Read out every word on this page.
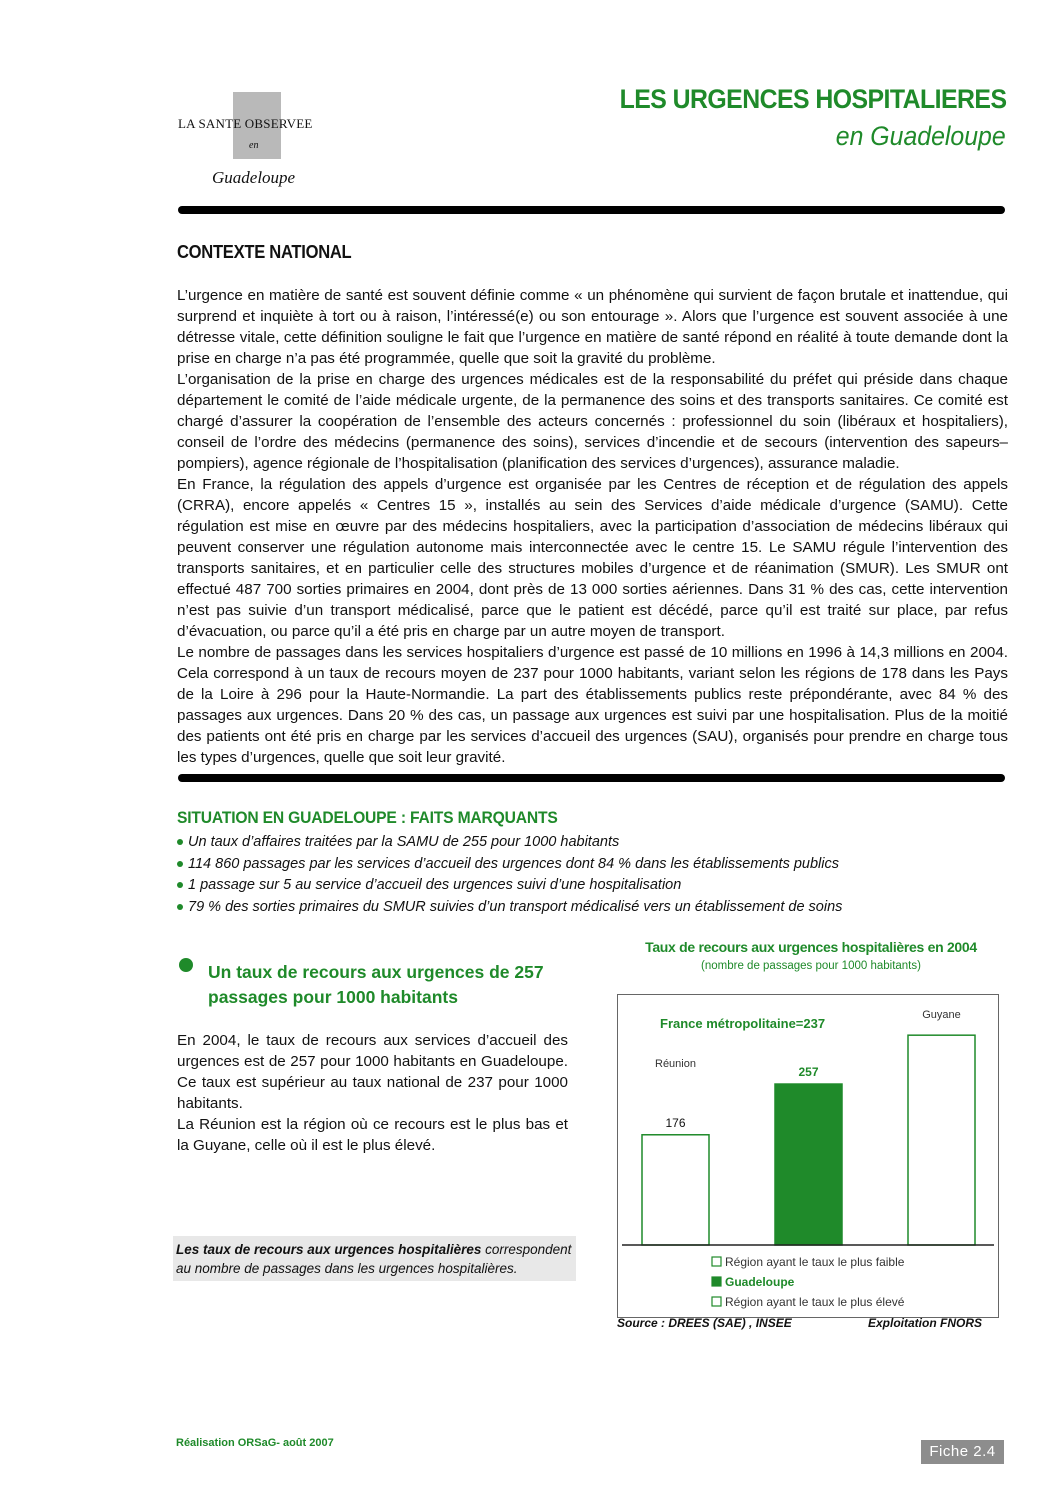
LA SANTE OBSERVEE
en
Guadeloupe
LES URGENCES HOSPITALIERES
en Guadeloupe
CONTEXTE NATIONAL

L’urgence en matière de santé est souvent définie comme « un phénomène qui survient de façon brutale et inattendue, qui surprend et inquiète à tort ou à raison, l’intéressé(e) ou son entourage ». Alors que l’urgence est souvent associée à une détresse vitale, cette définition souligne le fait que l’urgence en matière de santé répond en réalité à toute demande dont la prise en charge n’a pas été programmée, quelle que soit la gravité du problème.

L’organisation de la prise en charge des urgences médicales est de la responsabilité du préfet qui préside dans chaque département le comité de l’aide médicale urgente, de la permanence des soins et des transports sanitaires. Ce comité est chargé d’assurer la coopération de l’ensemble des acteurs concernés : professionnel du soin (libéraux et hospitaliers), conseil de l’ordre des médecins (permanence des soins), services d’incendie et de secours (intervention des sapeurs–pompiers), agence régionale de l’hospitalisation (planification des services d’urgences), assurance maladie.

En France, la régulation des appels d’urgence est organisée par les Centres de réception et de régulation des appels (CRRA), encore appelés « Centres 15 », installés au sein des Services d’aide médicale d’urgence (SAMU). Cette régulation est mise en œuvre par des médecins hospitaliers, avec la participation d’association de médecins libéraux qui peuvent conserver une régulation autonome mais interconnectée avec le centre 15. Le SAMU régule l’intervention des transports sanitaires, et en particulier celle des structures mobiles d’urgence et de réanimation (SMUR). Les SMUR ont effectué 487 700 sorties primaires en 2004, dont près de 13 000 sorties aériennes. Dans 31 % des cas, cette intervention n’est pas suivie d’un transport médicalisé, parce que le patient est décédé, parce qu’il est traité sur place, par refus d’évacuation, ou parce qu’il a été pris en charge par un autre moyen de transport.

Le nombre de passages dans les services hospitaliers d’urgence est passé de 10 millions en 1996 à 14,3 millions en 2004. Cela correspond à un taux de recours moyen de 237 pour 1000 habitants, variant selon les régions de 178 dans les Pays de la Loire à 296 pour la Haute-Normandie. La part des établissements publics reste prépondérante, avec 84 % des passages aux urgences. Dans 20 % des cas, un passage aux urgences est suivi par une hospitalisation. Plus de la moitié des patients ont été pris en charge par les services d’accueil des urgences (SAU), organisés pour prendre en charge tous les types d’urgences, quelle que soit leur gravité.

SITUATION EN GUADELOUPE : FAITS MARQUANTS
Un taux d’affaires traitées par la SAMU de 255 pour 1000 habitants
114 860 passages par les services d’accueil des urgences dont 84 % dans les établissements publics
1 passage sur 5 au service d’accueil des urgences suivi d’une hospitalisation
79 % des sorties primaires du SMUR suivies d’un transport médicalisé vers un établissement de soins
Un taux de recours aux urgences de 257 passages pour 1000 habitants

En 2004, le taux de recours aux services d’accueil des urgences est de 257 pour 1000 habitants en Guadeloupe. Ce taux est supérieur au taux national de 237 pour 1000 habitants.

La Réunion est la région où ce recours est le plus bas et la Guyane, celle où il est le plus élevé.

Les taux de recours aux urgences hospitalières correspondent au nombre de passages dans les urgences hospitalières.
Taux de recours aux urgences hospitalières en 2004
(nombre de passages pour 1000 habitants)
France métropolitaine=237
176
Réunion
257
Guyane
Région ayant le taux le plus faible
Guadeloupe
Région ayant le taux le plus élevé
Source : DREES (SAE) , INSEE	Exploitation FNORS
Réalisation ORSaG- août 2007	Fiche 2.4
